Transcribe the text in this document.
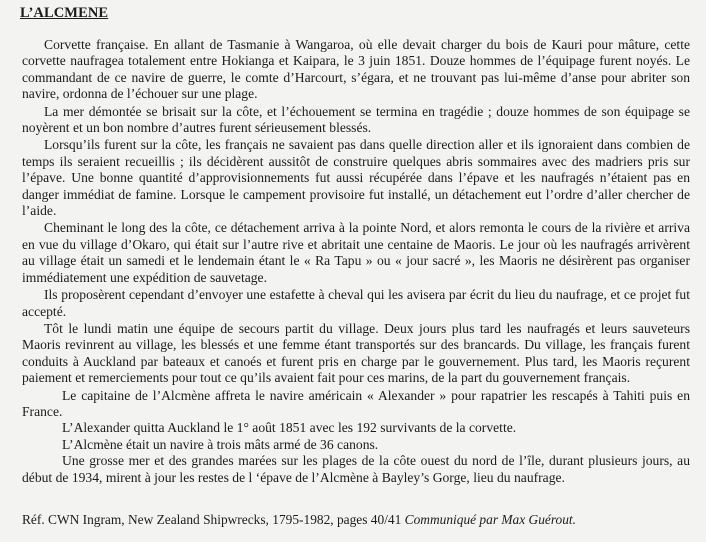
L’ALCMENE

Corvette française. En allant de Tasmanie à Wangaroa, où elle devait charger du bois de Kauri pour mâture, cette corvette naufragea totalement entre Hokianga et Kaipara, le 3 juin 1851. Douze hommes de l’équipage furent noyés. Le commandant de ce navire de guerre, le comte d’Harcourt, s’égara, et ne trouvant pas lui-même d’anse pour abriter son navire, ordonna de l’échouer sur une plage.

La mer démontée se brisait sur la côte, et l’échouement se termina en tragédie ; douze hommes de son équipage se noyèrent et un bon nombre d’autres furent sérieusement blessés.

Lorsqu’ils furent sur la côte, les français ne savaient pas dans quelle direction aller et ils ignoraient dans combien de temps ils seraient recueillis ; ils décidèrent aussitôt de construire quelques abris sommaires avec des madriers pris sur l’épave. Une bonne quantité d’approvisionnements fut aussi récupérée dans l’épave et les naufragés n’étaient pas en danger immédiat de famine. Lorsque le campement provisoire fut installé, un détachement eut l’ordre d’aller chercher de l’aide.

Cheminant le long des la côte, ce détachement arriva à la pointe Nord, et alors remonta le cours de la rivière et arriva en vue du village d’Okaro, qui était sur l’autre rive et abritait une centaine de Maoris. Le jour où les naufragés arrivèrent au village était un samedi et le lendemain étant le « Ra Tapu » ou « jour sacré », les Maoris ne désirèrent pas organiser immédiatement une expédition de sauvetage.

Ils proposèrent cependant d’envoyer une estafette à cheval qui les avisera par écrit du lieu du naufrage, et ce projet fut accepté.

Tôt le lundi matin une équipe de secours partit du village. Deux jours plus tard les naufragés et leurs sauveteurs Maoris revinrent au village, les blessés et une femme étant transportés sur des brancards. Du village, les français furent conduits à Auckland par bateaux et canoés et furent pris en charge par le gouvernement. Plus tard, les Maoris reçurent paiement et remerciements pour tout ce qu’ils avaient fait pour ces marins, de la part du gouvernement français.

Le capitaine de l’Alcmène affreta le navire américain « Alexander » pour rapatrier les rescapés à Tahiti puis en France.

L’Alexander quitta Auckland le 1° août 1851 avec les 192 survivants de la corvette.

L’Alcmène était un navire à trois mâts armé de 36 canons.

Une grosse mer et des grandes marées sur les plages de la côte ouest du nord de l’île, durant plusieurs jours, au début de 1934, mirent à jour les restes de l ‘épave de l’Alcmène à Bayley’s Gorge, lieu du naufrage.

Réf. CWN Ingram, New Zealand Shipwrecks, 1795-1982, pages 40/41 Communiqué par Max Guérout.
